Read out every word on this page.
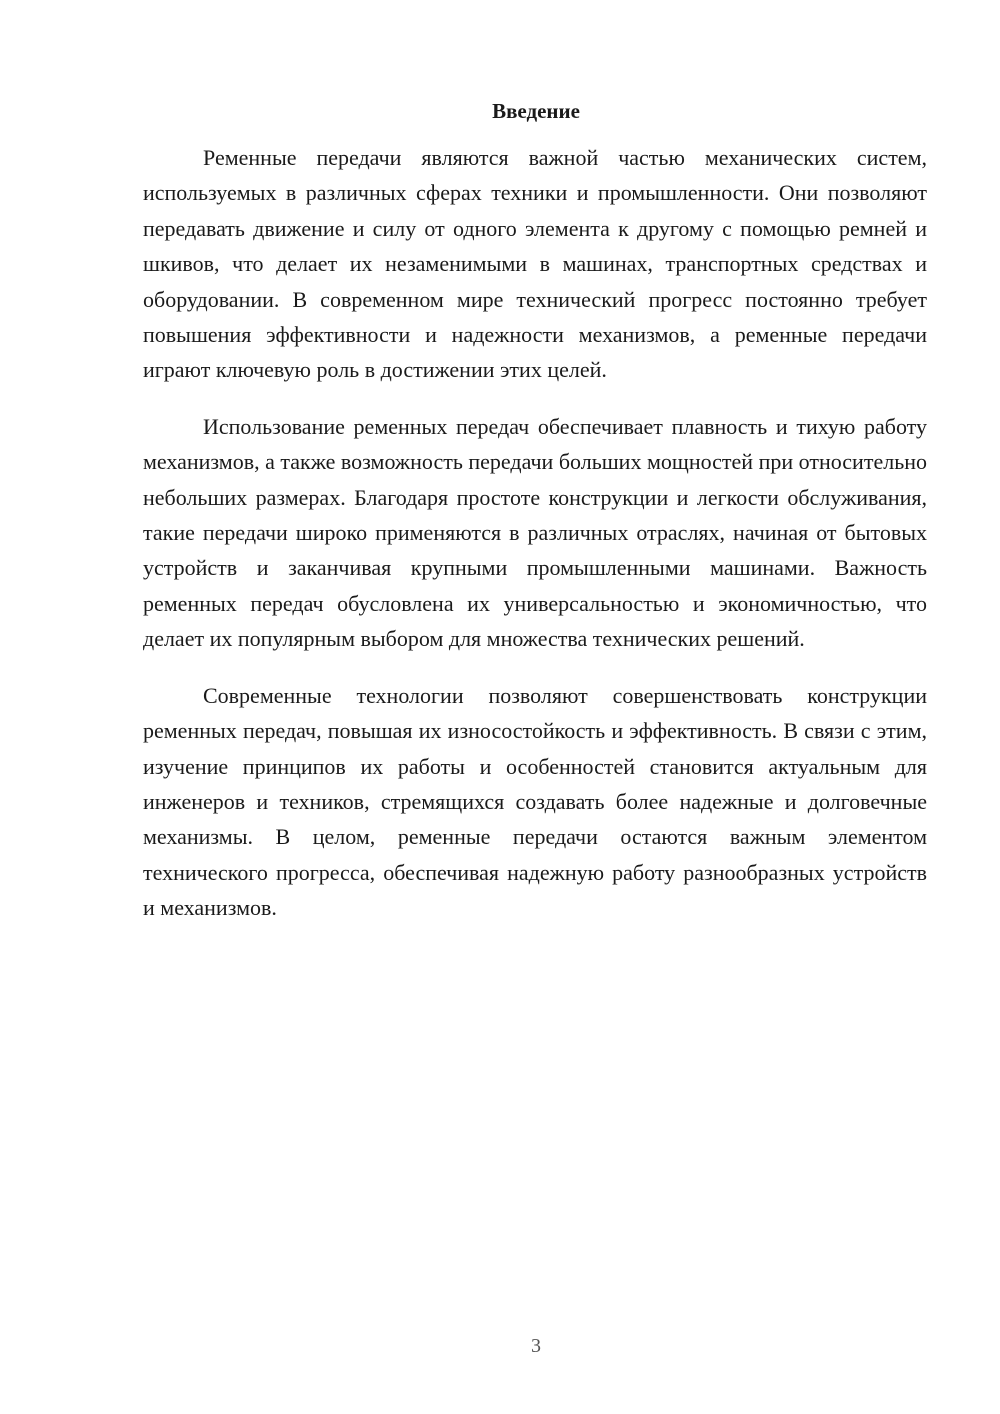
Введение

Ременные передачи являются важной частью механических систем, используемых в различных сферах техники и промышленности. Они позволяют передавать движение и силу от одного элемента к другому с помощью ремней и шкивов, что делает их незаменимыми в машинах, транспортных средствах и оборудовании. В современном мире технический прогресс постоянно требует повышения эффективности и надежности механизмов, а ременные передачи играют ключевую роль в достижении этих целей.

Использование ременных передач обеспечивает плавность и тихую работу механизмов, а также возможность передачи больших мощностей при относительно небольших размерах. Благодаря простоте конструкции и легкости обслуживания, такие передачи широко применяются в различных отраслях, начиная от бытовых устройств и заканчивая крупными промышленными машинами. Важность ременных передач обусловлена их универсальностью и экономичностью, что делает их популярным выбором для множества технических решений.

Современные технологии позволяют совершенствовать конструкции ременных передач, повышая их износостойкость и эффективность. В связи с этим, изучение принципов их работы и особенностей становится актуальным для инженеров и техников, стремящихся создавать более надежные и долговечные механизмы. В целом, ременные передачи остаются важным элементом технического прогресса, обеспечивая надежную работу разнообразных устройств и механизмов.

3
